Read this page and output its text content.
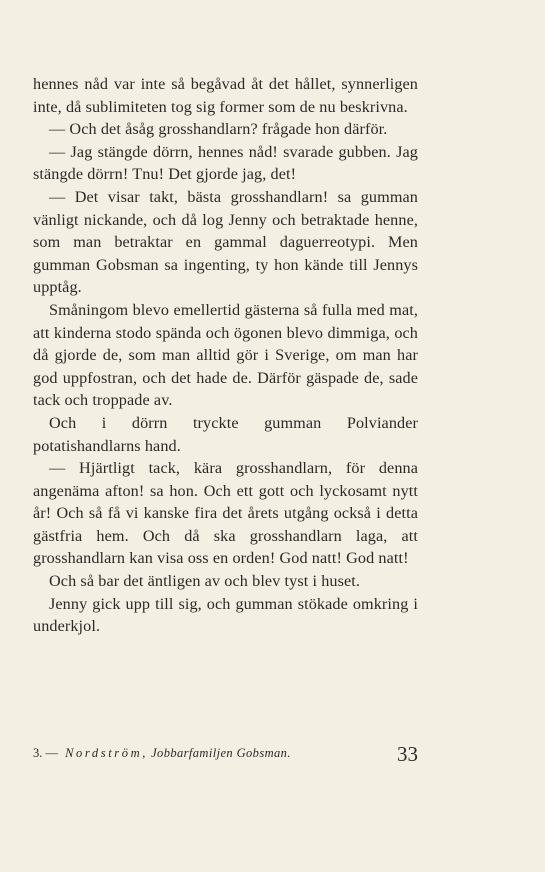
hennes nåd var inte så begåvad åt det hållet, synnerligen inte, då sublimiteten tog sig former som de nu beskrivna.

— Och det åsåg grosshandlarn? frågade hon därför.

— Jag stängde dörrn, hennes nåd! svarade gubben. Jag stängde dörrn! Tnu! Det gjorde jag, det!

— Det visar takt, bästa grosshandlarn! sa gumman vänligt nickande, och då log Jenny och betraktade henne, som man betraktar en gammal daguerreotypi. Men gumman Gobsman sa ingenting, ty hon kände till Jennys upptåg.

Småningom blevo emellertid gästerna så fulla med mat, att kinderna stodo spända och ögonen blevo dimmiga, och då gjorde de, som man alltid gör i Sverige, om man har god uppfostran, och det hade de. Därför gäspade de, sade tack och troppade av.

Och i dörrn tryckte gumman Polviander potatishandlarns hand.

— Hjärtligt tack, kära grosshandlarn, för denna angenäma afton! sa hon. Och ett gott och lyckosamt nytt år! Och så få vi kanske fira det årets utgång också i detta gästfria hem. Och då ska grosshandlarn laga, att grosshandlarn kan visa oss en orden! God natt! God natt!

Och så bar det äntligen av och blev tyst i huset.

Jenny gick upp till sig, och gumman stökade omkring i underkjol.

3. — Nordström, Jobbarfamiljen Gobsman.	33
